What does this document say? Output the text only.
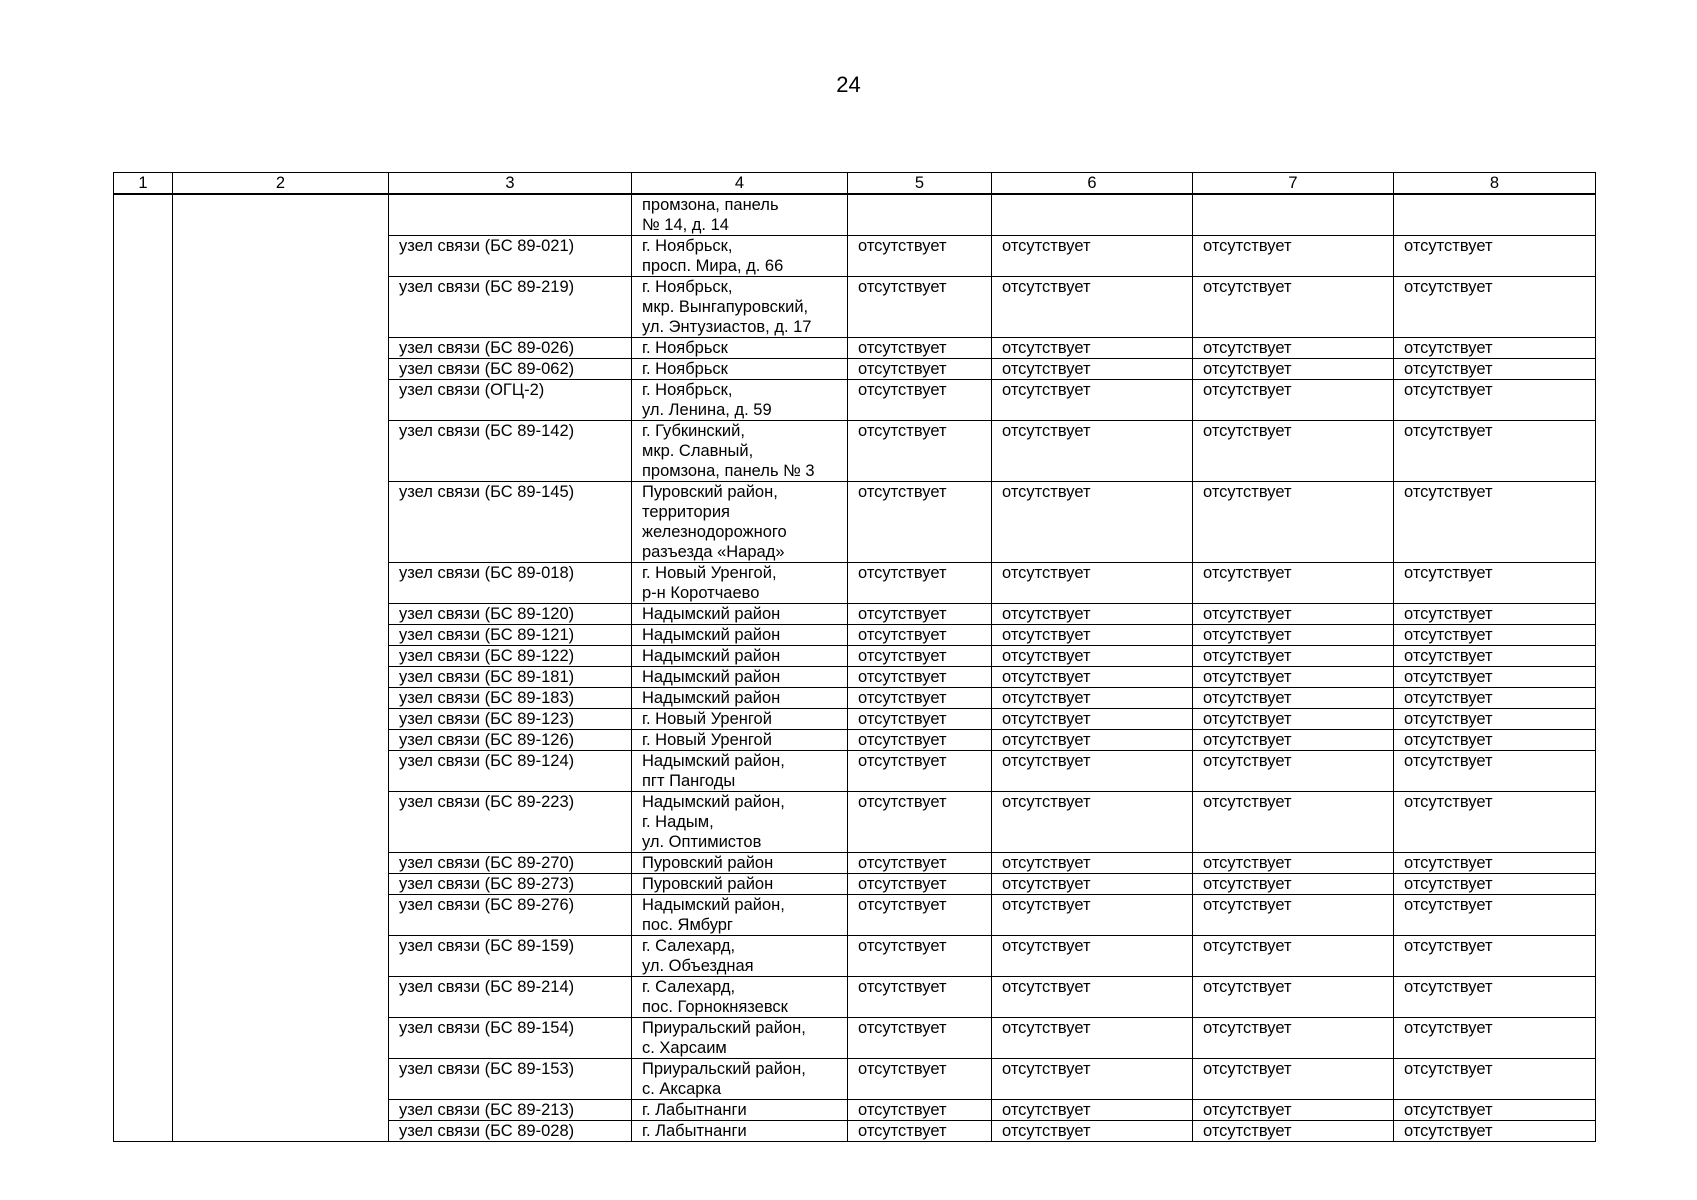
24
1	2	3	4	5	6	7	8
			промзона, панель
№ 14, д. 14				
		узел связи (БС 89-021)	г. Ноябрьск,
просп. Мира, д. 66	отсутствует	отсутствует	отсутствует	отсутствует
		узел связи (БС 89-219)	г. Ноябрьск,
мкр. Вынгапуровский,
ул. Энтузиастов, д. 17	отсутствует	отсутствует	отсутствует	отсутствует
		узел связи (БС 89-026)	г. Ноябрьск	отсутствует	отсутствует	отсутствует	отсутствует
		узел связи (БС 89-062)	г. Ноябрьск	отсутствует	отсутствует	отсутствует	отсутствует
		узел связи (ОГЦ-2)	г. Ноябрьск,
ул. Ленина, д. 59	отсутствует	отсутствует	отсутствует	отсутствует
		узел связи (БС 89-142)	г. Губкинский,
мкр. Славный,
промзона, панель № 3	отсутствует	отсутствует	отсутствует	отсутствует
		узел связи (БС 89-145)	Пуровский район,
территория
железнодорожного
разъезда «Нарад»	отсутствует	отсутствует	отсутствует	отсутствует
		узел связи (БС 89-018)	г. Новый Уренгой,
р-н Коротчаево	отсутствует	отсутствует	отсутствует	отсутствует
		узел связи (БС 89-120)	Надымский район	отсутствует	отсутствует	отсутствует	отсутствует
		узел связи (БС 89-121)	Надымский район	отсутствует	отсутствует	отсутствует	отсутствует
		узел связи (БС 89-122)	Надымский район	отсутствует	отсутствует	отсутствует	отсутствует
		узел связи (БС 89-181)	Надымский район	отсутствует	отсутствует	отсутствует	отсутствует
		узел связи (БС 89-183)	Надымский район	отсутствует	отсутствует	отсутствует	отсутствует
		узел связи (БС 89-123)	г. Новый Уренгой	отсутствует	отсутствует	отсутствует	отсутствует
		узел связи (БС 89-126)	г. Новый Уренгой	отсутствует	отсутствует	отсутствует	отсутствует
		узел связи (БС 89-124)	Надымский район,
пгт Пангоды	отсутствует	отсутствует	отсутствует	отсутствует
		узел связи (БС 89-223)	Надымский район,
г. Надым,
ул. Оптимистов	отсутствует	отсутствует	отсутствует	отсутствует
		узел связи (БС 89-270)	Пуровский район	отсутствует	отсутствует	отсутствует	отсутствует
		узел связи (БС 89-273)	Пуровский район	отсутствует	отсутствует	отсутствует	отсутствует
		узел связи (БС 89-276)	Надымский район,
пос. Ямбург	отсутствует	отсутствует	отсутствует	отсутствует
		узел связи (БС 89-159)	г. Салехард,
ул. Объездная	отсутствует	отсутствует	отсутствует	отсутствует
		узел связи (БС 89-214)	г. Салехард,
пос. Горнокнязевск	отсутствует	отсутствует	отсутствует	отсутствует
		узел связи (БС 89-154)	Приуральский район,
с. Харсаим	отсутствует	отсутствует	отсутствует	отсутствует
		узел связи (БС 89-153)	Приуральский район,
с. Аксарка	отсутствует	отсутствует	отсутствует	отсутствует
		узел связи (БС 89-213)	г. Лабытнанги	отсутствует	отсутствует	отсутствует	отсутствует
		узел связи (БС 89-028)	г. Лабытнанги	отсутствует	отсутствует	отсутствует	отсутствует
